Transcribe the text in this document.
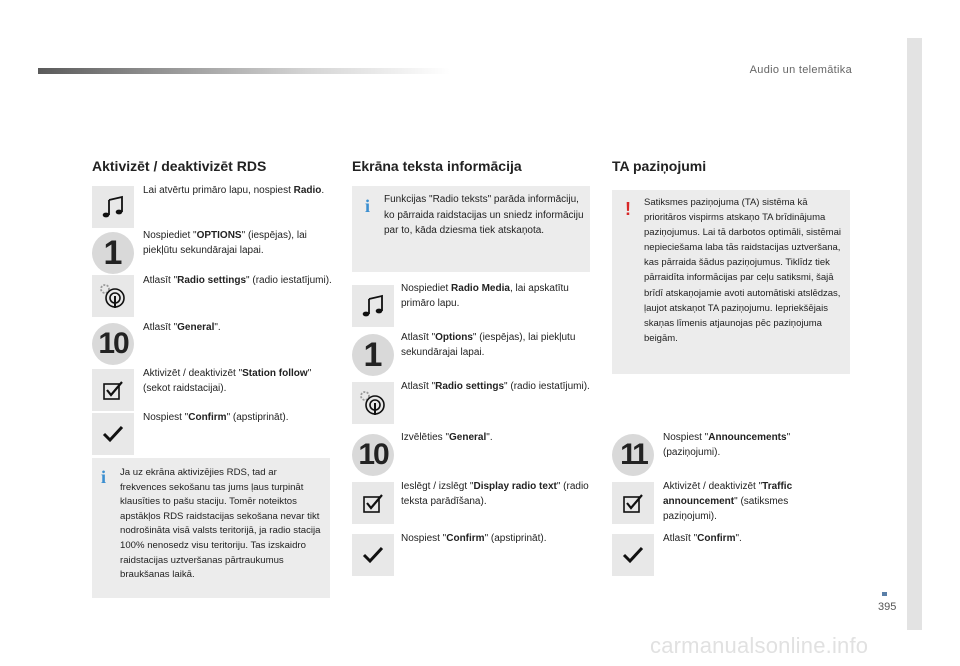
Audio un telemātika
395
carmanualsonline.info
Aktivizēt / deaktivizēt RDS
Lai atvērtu primāro lapu, nospiest Radio.
1	Nospiediet "OPTIONS" (iespējas), lai piekļūtu sekundārajai lapai.
Atlasīt "Radio settings" (radio iestatījumi).
10	Atlasīt "General".
Aktivizēt / deaktivizēt "Station follow" (sekot raidstacijai).
Nospiest "Confirm" (apstiprināt).
i Ja uz ekrāna aktivizējies RDS, tad ar frekvences sekošanu tas jums ļaus turpināt klausīties to pašu staciju. Tomēr noteiktos apstākļos RDS raidstacijas sekošana nevar tikt nodrošināta visā valsts teritorijā, ja radio stacija 100% nenosedz visu teritoriju. Tas izskaidro raidstacijas uztveršanas pārtraukumus braukšanas laikā.
Ekrāna teksta informācija
i Funkcijas "Radio teksts" parāda informāciju, ko pārraida raidstacijas un sniedz informāciju par to, kāda dziesma tiek atskaņota.
Nospiediet Radio Media, lai apskatītu primāro lapu.
1	Atlasīt "Options" (iespējas), lai piekļutu sekundārajai lapai.
Atlasīt "Radio settings" (radio iestatījumi).
10
Izvēlēties "General".
Ieslēgt / izslēgt "Display radio text" (radio teksta parādīšana).
Nospiest "Confirm" (apstiprināt).
TA paziņojumi
! Satiksmes paziņojuma (TA) sistēma kā prioritāros vispirms atskaņo TA brīdinājuma paziņojumus. Lai tā darbotos optimāli, sistēmai nepieciešama laba tās raidstacijas uztveršana, kas pārraida šādus paziņojumus. Tiklīdz tiek pārraidīta informācijas par ceļu satiksmi, šajā brīdī atskaņojamie avoti automātiski atslēdzas, ļaujot atskaņot TA paziņojumu. Iepriekšējais skaņas līmenis atjaunojas pēc paziņojuma beigām.
11
Nospiest "Announcements" (paziņojumi).
Aktivizēt / deaktivizēt "Traffic announcement" (satiksmes paziņojumi).
Atlasīt "Confirm".
